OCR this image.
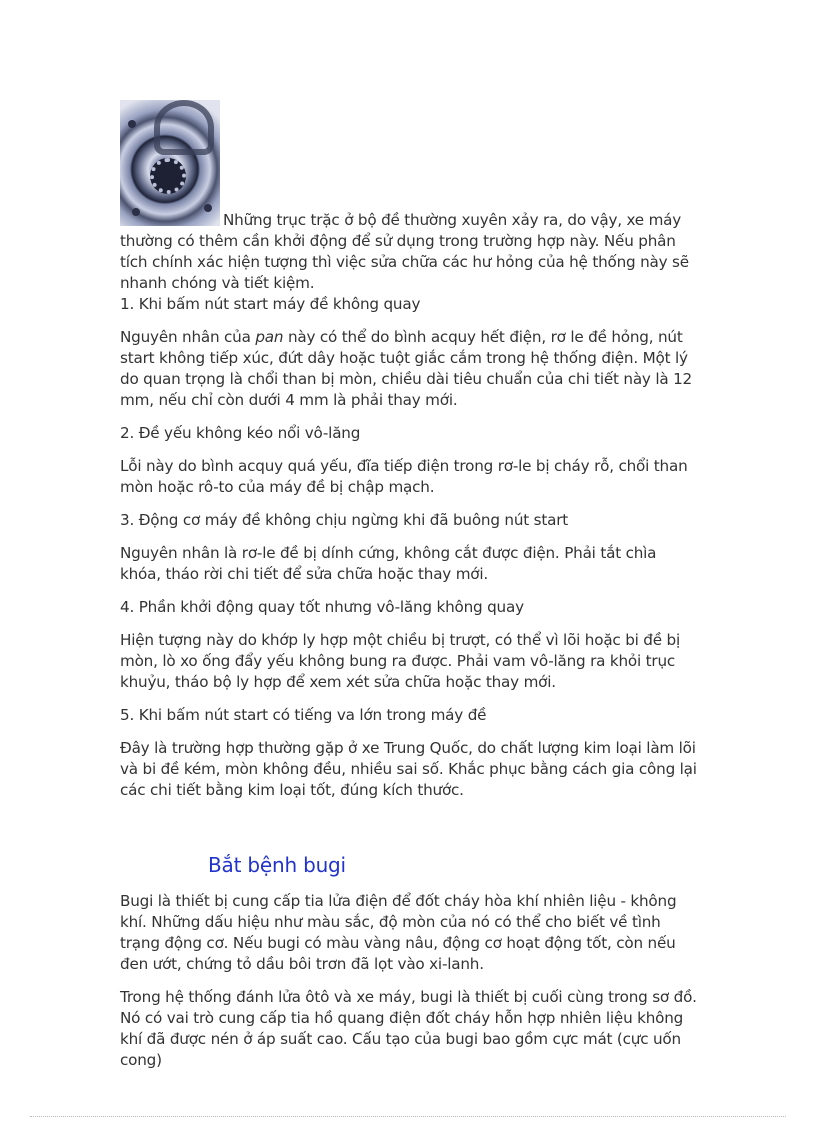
Những trục trặc ở bộ đề thường xuyên xảy ra, do vậy, xe máy thường có thêm cần khởi động để sử dụng trong trường hợp này. Nếu phân tích chính xác hiện tượng thì việc sửa chữa các hư hỏng của hệ thống này sẽ nhanh chóng và tiết kiệm.

1. Khi bấm nút start máy đề không quay

Nguyên nhân của pan này có thể do bình acquy hết điện, rơ le đề hỏng, nút start không tiếp xúc, đứt dây hoặc tuột giắc cắm trong hệ thống điện. Một lý do quan trọng là chổi than bị mòn, chiều dài tiêu chuẩn của chi tiết này là 12 mm, nếu chỉ còn dưới 4 mm là phải thay mới.

2. Đề yếu không kéo nổi vô-lăng

Lỗi này do bình acquy quá yếu, đĩa tiếp điện trong rơ-le bị cháy rỗ, chổi than mòn hoặc rô-to của máy đề bị chập mạch.

3. Động cơ máy đề không chịu ngừng khi đã buông nút start

Nguyên nhân là rơ-le đề bị dính cứng, không cắt được điện. Phải tắt chìa khóa, tháo rời chi tiết để sửa chữa hoặc thay mới.

4. Phần khởi động quay tốt nhưng vô-lăng không quay

Hiện tượng này do khớp ly hợp một chiều bị trượt, có thể vì lõi hoặc bi đề bị mòn, lò xo ống đẩy yếu không bung ra được. Phải vam vô-lăng ra khỏi trục khuỷu, tháo bộ ly hợp để xem xét sửa chữa hoặc thay mới.

5. Khi bấm nút start có tiếng va lớn trong máy đề

Đây là trường hợp thường gặp ở xe Trung Quốc, do chất lượng kim loại làm lõi và bi đề kém, mòn không đều, nhiều sai số. Khắc phục bằng cách gia công lại các chi tiết bằng kim loại tốt, đúng kích thước.

Bắt bệnh bugi

Bugi là thiết bị cung cấp tia lửa điện để đốt cháy hòa khí nhiên liệu - không khí. Những dấu hiệu như màu sắc, độ mòn của nó có thể cho biết về tình trạng động cơ. Nếu bugi có màu vàng nâu, động cơ hoạt động tốt, còn nếu đen ướt, chứng tỏ dầu bôi trơn đã lọt vào xi-lanh.

Trong hệ thống đánh lửa ôtô và xe máy, bugi là thiết bị cuối cùng trong sơ đồ. Nó có vai trò cung cấp tia hồ quang điện đốt cháy hỗn hợp nhiên liệu không khí đã được nén ở áp suất cao. Cấu tạo của bugi bao gồm cực mát (cực uốn cong)
